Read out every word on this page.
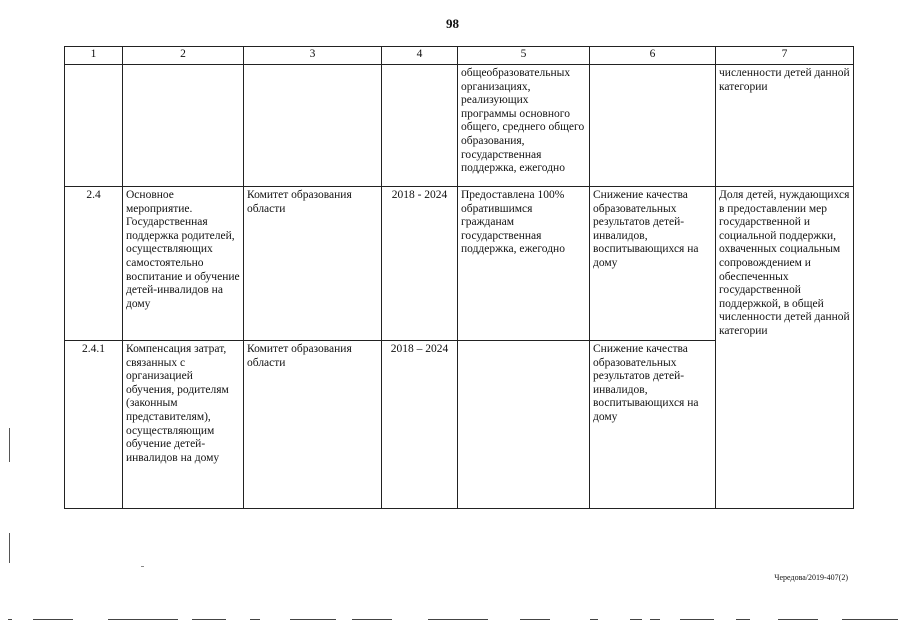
98
1	2	3	4	5	6	7
				общеобразовательных организациях, реализующих программы основного общего, среднего общего образования, государственная поддержка, ежегодно		численности детей данной категории
2.4	Основное мероприятие. Государственная поддержка родителей, осуществляющих самостоятельно воспитание и обучение детей-инвалидов на дому	Комитет образования области	2018 - 2024	Предоставлена 100% обратившимся гражданам государственная поддержка, ежегодно	Снижение качества образовательных результатов детей-инвалидов, воспитывающихся на дому	Доля детей, нуждающихся в предоставлении мер государственной и социальной поддержки, охваченных социальным сопровождением и обеспеченных государственной поддержкой, в общей численности детей данной категории
2.4.1	Компенсация затрат, связанных с организацией обучения, родителям (законным представителям), осуществляющим обучение детей-инвалидов на дому	Комитет образования области	2018 – 2024		Снижение качества образовательных результатов детей-инвалидов, воспитывающихся на дому	
Чередова/2019-407(2)
